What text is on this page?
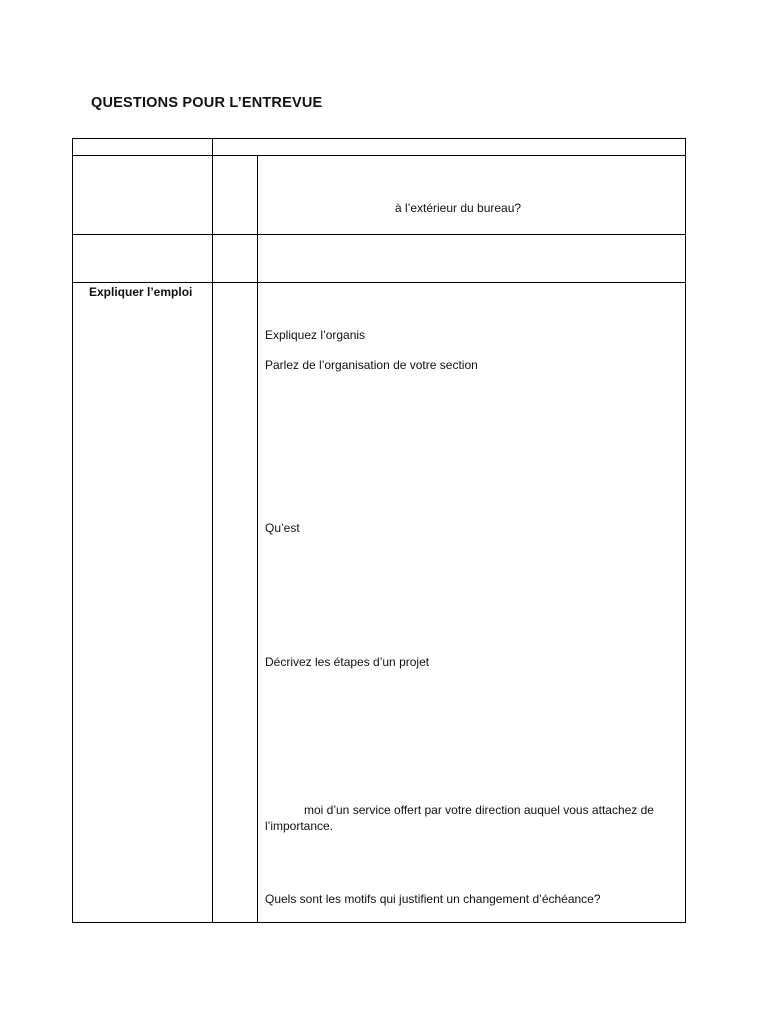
QUESTIONS POUR L’ENTREVUE
à l’extérieur du bureau?
Expliquer l’emploi
Expliquez l’organis
Parlez de l’organisation de votre section
Qu’est
Décrivez les étapes d’un projet
moi d’un service offert par votre direction auquel vous attachez de
l’importance.
Quels sont les motifs qui justifient un changement d’échéance?
